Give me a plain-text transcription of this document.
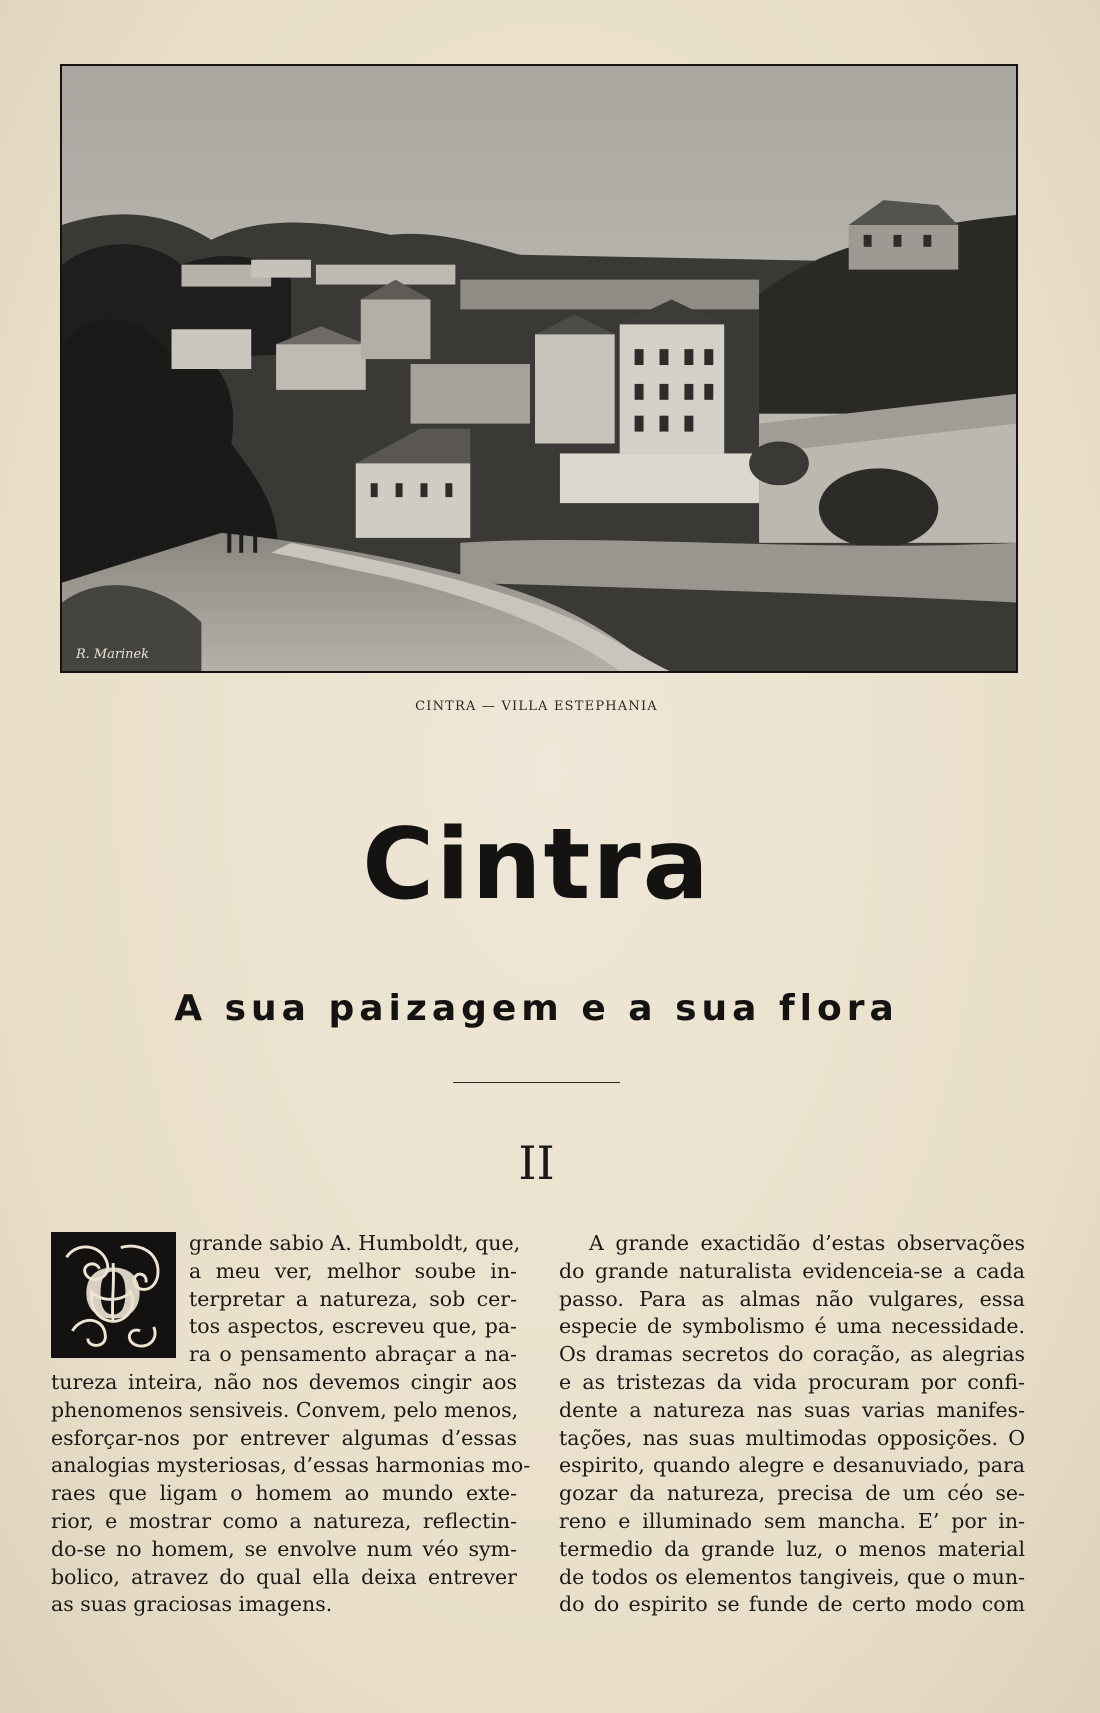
R. Marinek
CINTRA — VILLA ESTEPHANIA
Cintra
A sua paizagem e a sua flora
II
O
grande sabio A. Humboldt, que,
a meu ver, melhor soube in-
terpretar a natureza, sob cer-
tos aspectos, escreveu que, pa-
ra o pensamento abraçar a na-
tureza inteira, não nos devemos cingir aos
phenomenos sensiveis. Convem, pelo menos,
esforçar-nos por entrever algumas d’essas
analogias mysteriosas, d’essas harmonias mo-
raes que ligam o homem ao mundo exte-
rior, e mostrar como a natureza, reflectin-
do-se no homem, se envolve num véo sym-
bolico, atravez do qual ella deixa entrever
as suas graciosas imagens.
A grande exactidão d’estas observações
do grande naturalista evidenceia-se a cada
passo. Para as almas não vulgares, essa
especie de symbolismo é uma necessidade.
Os dramas secretos do coração, as alegrias
e as tristezas da vida procuram por confi-
dente a natureza nas suas varias manifes-
tações, nas suas multimodas opposições. O
espirito, quando alegre e desanuviado, para
gozar da natureza, precisa de um céo se-
reno e illuminado sem mancha. E’ por in-
termedio da grande luz, o menos material
de todos os elementos tangiveis, que o mun-
do do espirito se funde de certo modo com
